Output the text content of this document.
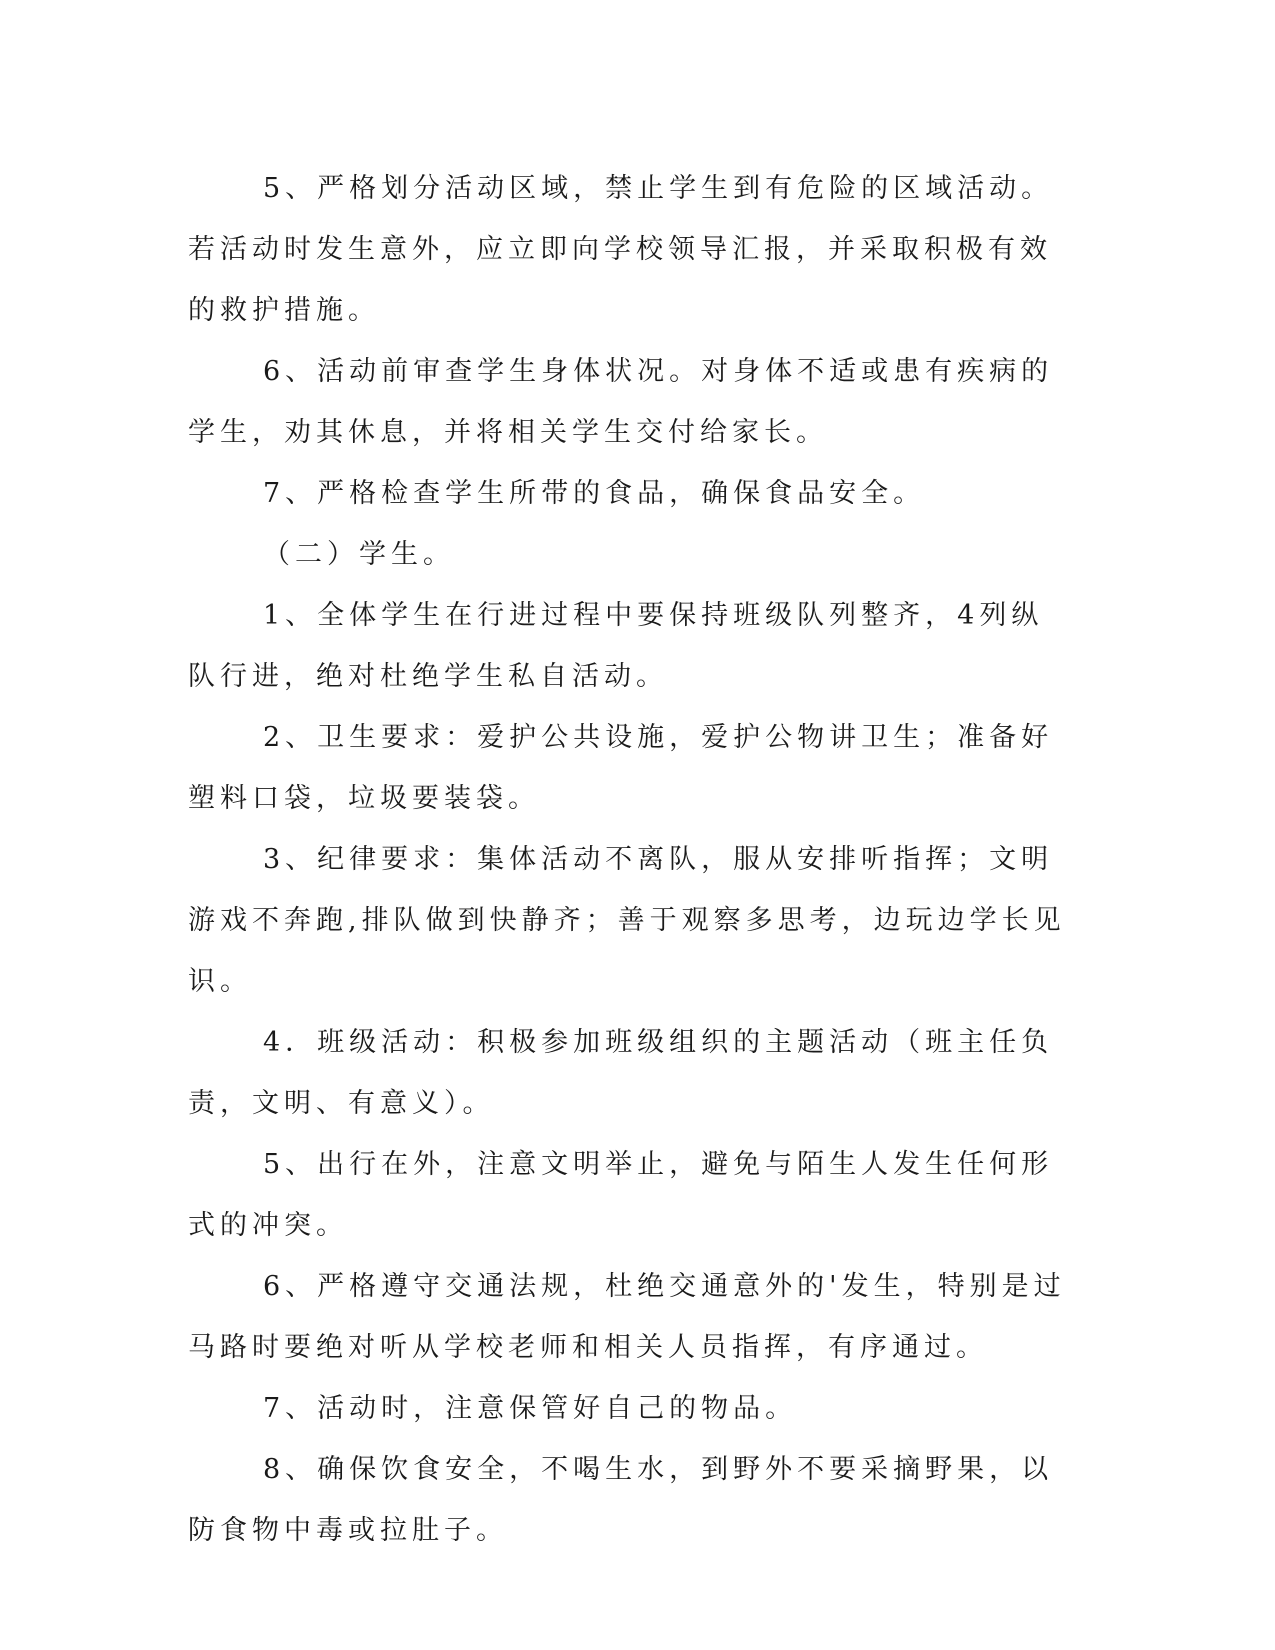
5、严格划分活动区域，禁止学生到有危险的区域活动。若活动时发生意外，应立即向学校领导汇报，并采取积极有效的救护措施。

6、活动前审查学生身体状况。对身体不适或患有疾病的学生，劝其休息，并将相关学生交付给家长。

7、严格检查学生所带的食品，确保食品安全。

（二）学生。

1、全体学生在行进过程中要保持班级队列整齐，4列纵队行进，绝对杜绝学生私自活动。

2、卫生要求：爱护公共设施，爱护公物讲卫生；准备好塑料口袋，垃圾要装袋。

3、纪律要求：集体活动不离队，服从安排听指挥；文明游戏不奔跑,排队做到快静齐；善于观察多思考，边玩边学长见识。

4．班级活动：积极参加班级组织的主题活动（班主任负责，文明、有意义）。

5、出行在外，注意文明举止，避免与陌生人发生任何形式的冲突。

6、严格遵守交通法规，杜绝交通意外的'发生，特别是过马路时要绝对听从学校老师和相关人员指挥，有序通过。

7、活动时，注意保管好自己的物品。

8、确保饮食安全，不喝生水，到野外不要采摘野果，以防食物中毒或拉肚子。
